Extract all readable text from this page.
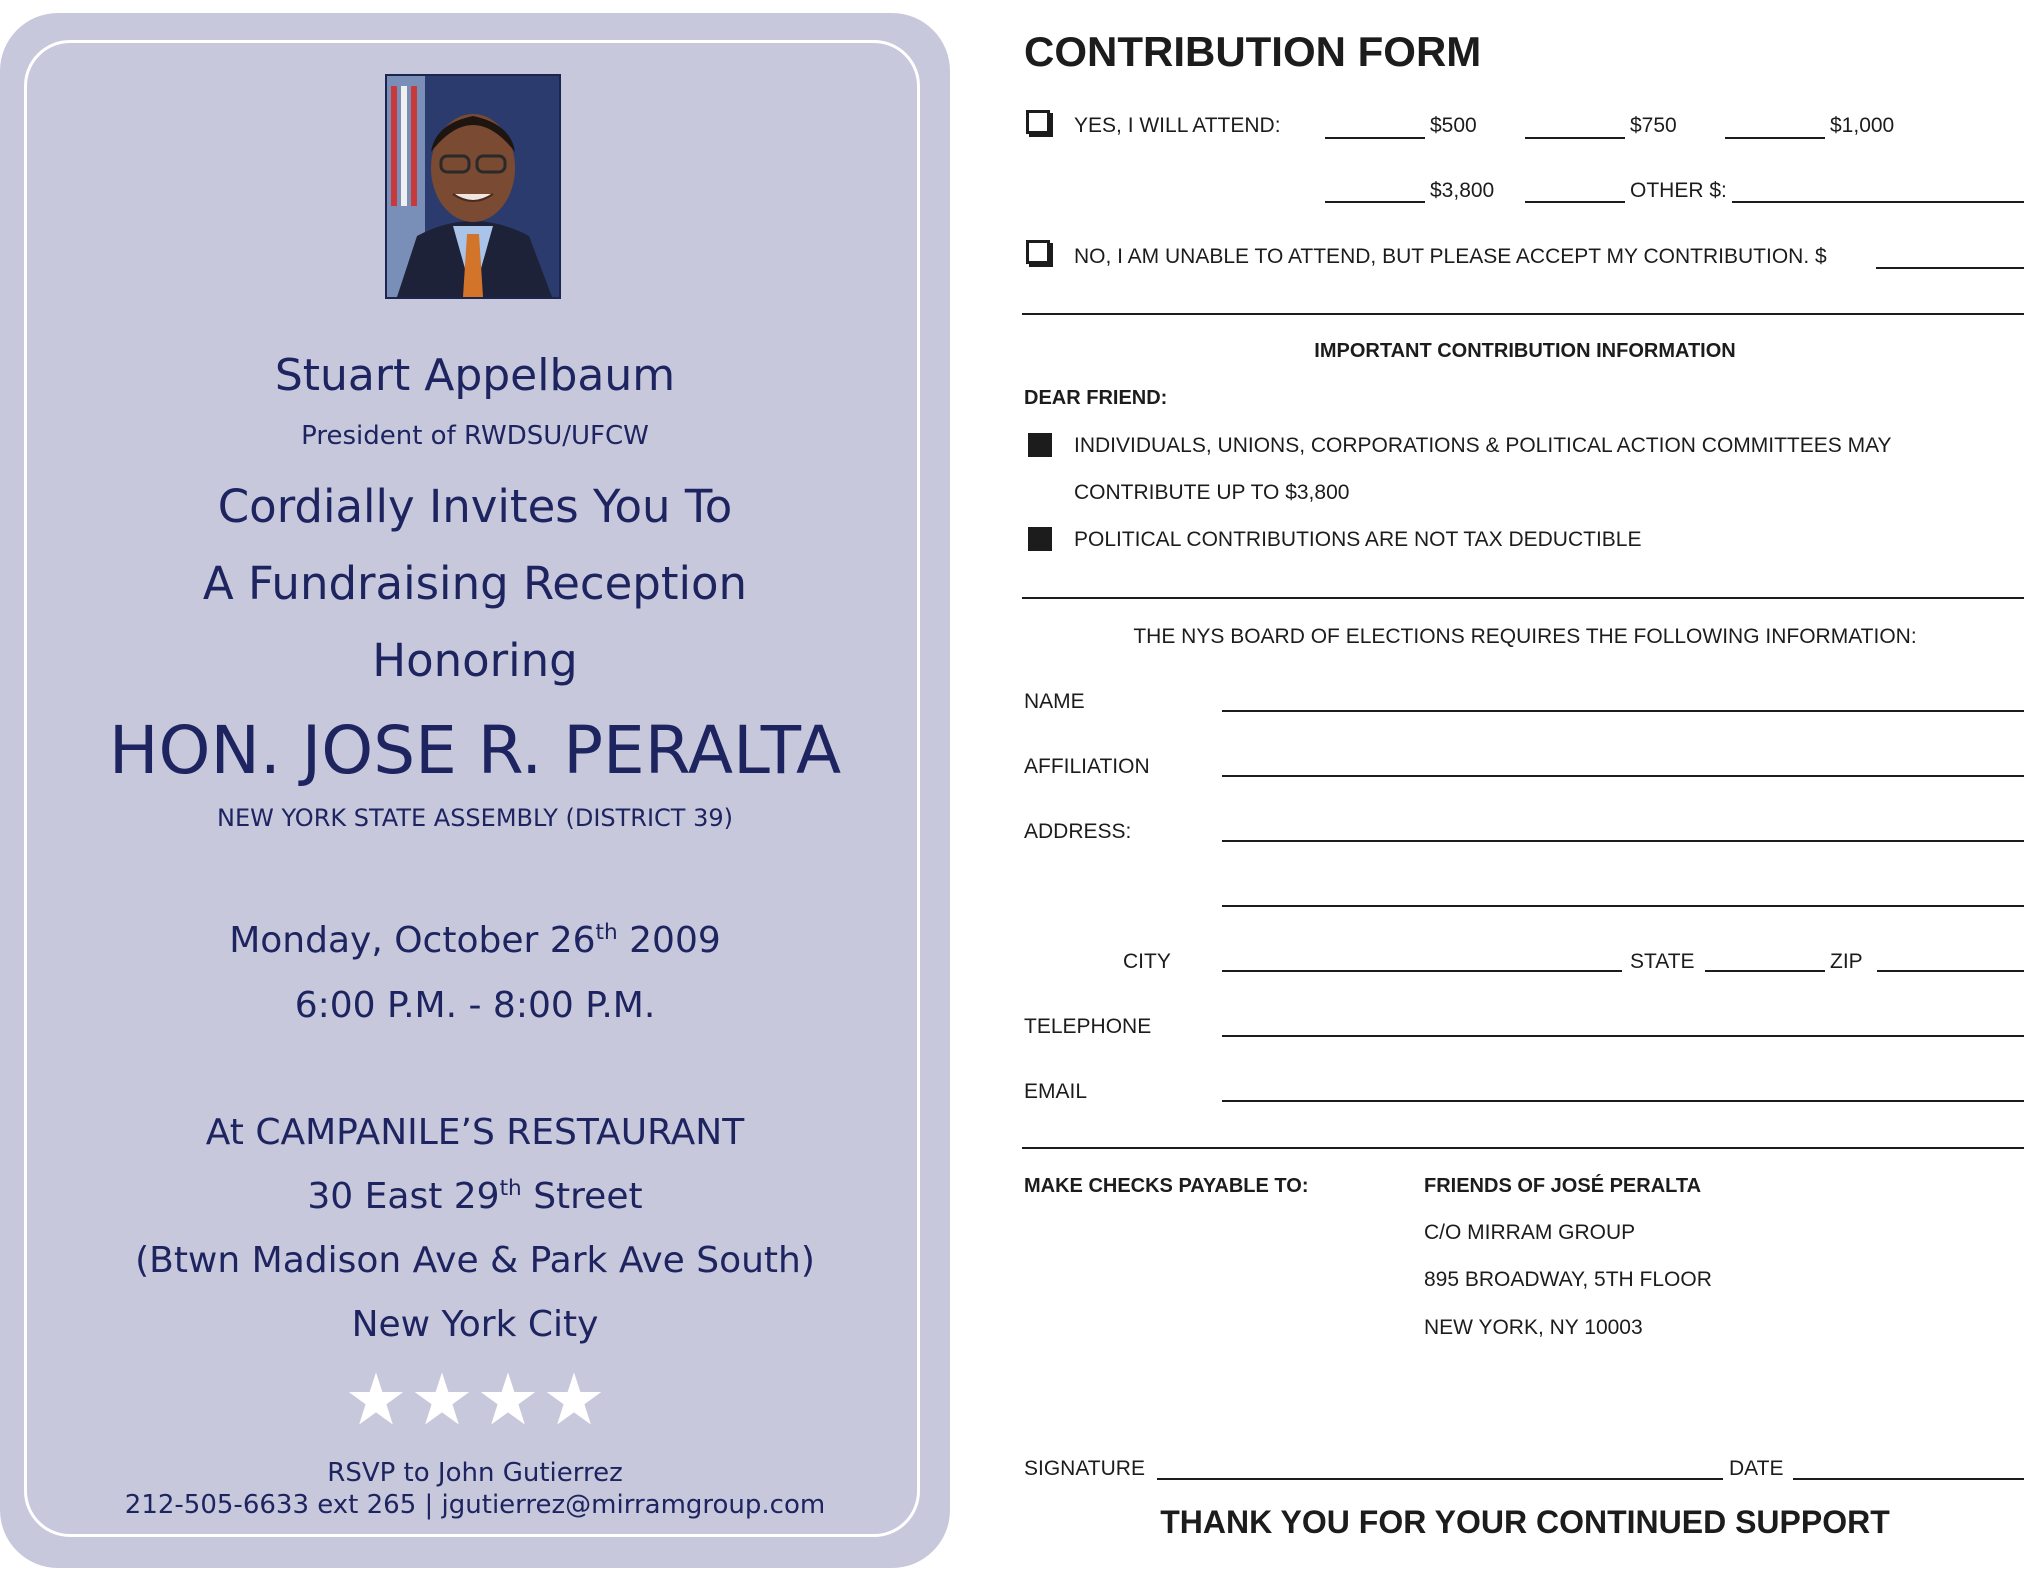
Stuart Appelbaum
President of RWDSU/UFCW
Cordially Invites You To
A Fundraising Reception
Honoring
HON. JOSE R. PERALTA
NEW YORK STATE ASSEMBLY (DISTRICT 39)
Monday, October 26th 2009
6:00 P.M. - 8:00 P.M.
At CAMPANILE’S RESTAURANT
30 East 29th Street
(Btwn Madison Ave & Park Ave South)
New York City
RSVP to John Gutierrez
212-505-6633 ext 265 | jgutierrez@mirramgroup.com
CONTRIBUTION FORM
YES, I WILL ATTEND:	$500	$750	$1,000
$3,800	OTHER $:
NO, I AM UNABLE TO ATTEND, BUT PLEASE ACCEPT MY CONTRIBUTION. $
IMPORTANT CONTRIBUTION INFORMATION
DEAR FRIEND:
INDIVIDUALS, UNIONS, CORPORATIONS & POLITICAL ACTION COMMITTEES MAY
CONTRIBUTE UP TO $3,800
POLITICAL CONTRIBUTIONS ARE NOT TAX DEDUCTIBLE
THE NYS BOARD OF ELECTIONS REQUIRES THE FOLLOWING INFORMATION:
NAME
AFFILIATION
ADDRESS:
CITY	STATE	ZIP
TELEPHONE
EMAIL
MAKE CHECKS PAYABLE TO:	FRIENDS OF JOSÉ PERALTA
C/O MIRRAM GROUP
895 BROADWAY, 5TH FLOOR
NEW YORK, NY 10003
SIGNATURE	DATE
THANK YOU FOR YOUR CONTINUED SUPPORT
